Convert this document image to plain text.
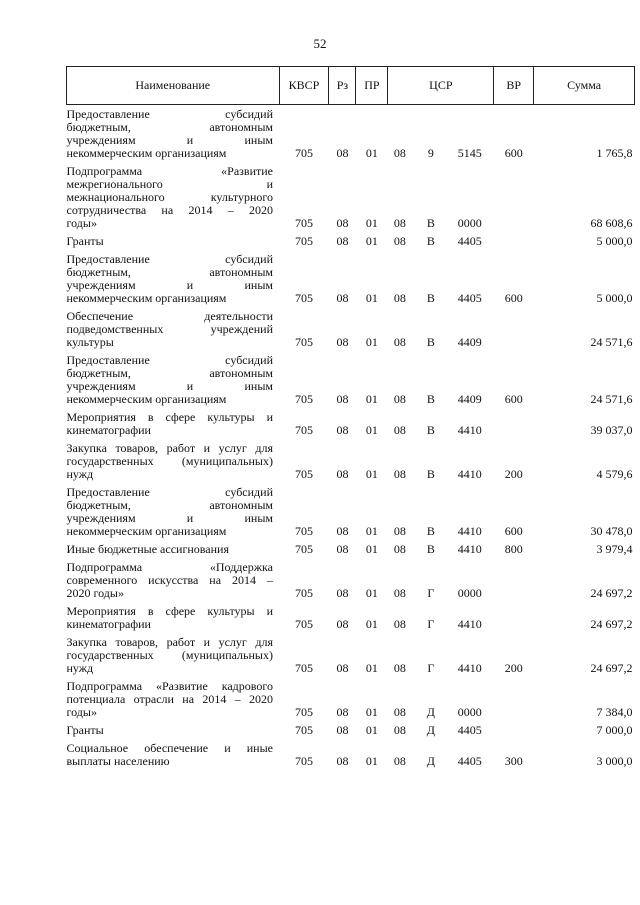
52
Наименование	КВСР	Рз	ПР	ЦСР	ВР	Сумма

Предоставление субсидий
бюджетным, автономным
учреждениям и иным
некоммерческим организациям	705	08	01	08 9 5145	600	1 765,8

Подпрограмма «Развитие
межрегионального и
межнационального культурного
сотрудничества на 2014 – 2020
годы»	705	08	01	08 В 0000		68 608,6

Гранты	705	08	01	08 В 4405		5 000,0

Предоставление субсидий
бюджетным, автономным
учреждениям и иным
некоммерческим организациям	705	08	01	08 В 4405	600	5 000,0

Обеспечение деятельности
подведомственных учреждений
культуры	705	08	01	08 В 4409		24 571,6

Предоставление субсидий
бюджетным, автономным
учреждениям и иным
некоммерческим организациям	705	08	01	08 В 4409	600	24 571,6

Мероприятия в сфере культуры и
кинематографии	705	08	01	08 В 4410		39 037,0

Закупка товаров, работ и услуг для
государственных (муниципальных)
нужд	705	08	01	08 В 4410	200	4 579,6

Предоставление субсидий
бюджетным, автономным
учреждениям и иным
некоммерческим организациям	705	08	01	08 В 4410	600	30 478,0

Иные бюджетные ассигнования	705	08	01	08 В 4410	800	3 979,4

Подпрограмма «Поддержка
современного искусства на 2014 –
2020 годы»	705	08	01	08 Г 0000		24 697,2

Мероприятия в сфере культуры и
кинематографии	705	08	01	08 Г 4410		24 697,2

Закупка товаров, работ и услуг для
государственных (муниципальных)
нужд	705	08	01	08 Г 4410	200	24 697,2

Подпрограмма «Развитие кадрового
потенциала отрасли на 2014 – 2020
годы»	705	08	01	08 Д 0000		7 384,0

Гранты	705	08	01	08 Д 4405		7 000,0

Социальное обеспечение и иные
выплаты населению	705	08	01	08 Д 4405	300	3 000,0
